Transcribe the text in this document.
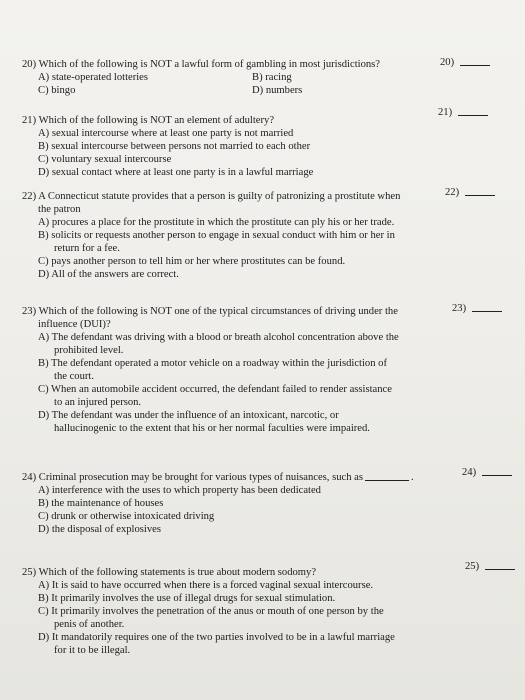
20)
20) Which of the following is NOT a lawful form of gambling in most jurisdictions?
A) state-operated lotteries	B) racing
C) bingo	D) numbers
21)
21) Which of the following is NOT an element of adultery?
A) sexual intercourse where at least one party is not married
B) sexual intercourse between persons not married to each other
C) voluntary sexual intercourse
D) sexual contact where at least one party is in a lawful marriage
22)
22) A Connecticut statute provides that a person is guilty of patronizing a prostitute when
the patron
A) procures a place for the prostitute in which the prostitute can ply his or her trade.
B) solicits or requests another person to engage in sexual conduct with him or her in
return for a fee.
C) pays another person to tell him or her where prostitutes can be found.
D) All of the answers are correct.
23)
23) Which of the following is NOT one of the typical circumstances of driving under the
influence (DUI)?
A) The defendant was driving with a blood or breath alcohol concentration above the
prohibited level.
B) The defendant operated a motor vehicle on a roadway within the jurisdiction of
the court.
C) When an automobile accident occurred, the defendant failed to render assistance
to an injured person.
D) The defendant was under the influence of an intoxicant, narcotic, or
hallucinogenic to the extent that his or her normal faculties were impaired.
24)
24) Criminal prosecution may be brought for various types of nuisances, such as	.
A) interference with the uses to which property has been dedicated
B) the maintenance of houses
C) drunk or otherwise intoxicated driving
D) the disposal of explosives
25)
25) Which of the following statements is true about modern sodomy?
A) It is said to have occurred when there is a forced vaginal sexual intercourse.
B) It primarily involves the use of illegal drugs for sexual stimulation.
C) It primarily involves the penetration of the anus or mouth of one person by the
penis of another.
D) It mandatorily requires one of the two parties involved to be in a lawful marriage
for it to be illegal.
